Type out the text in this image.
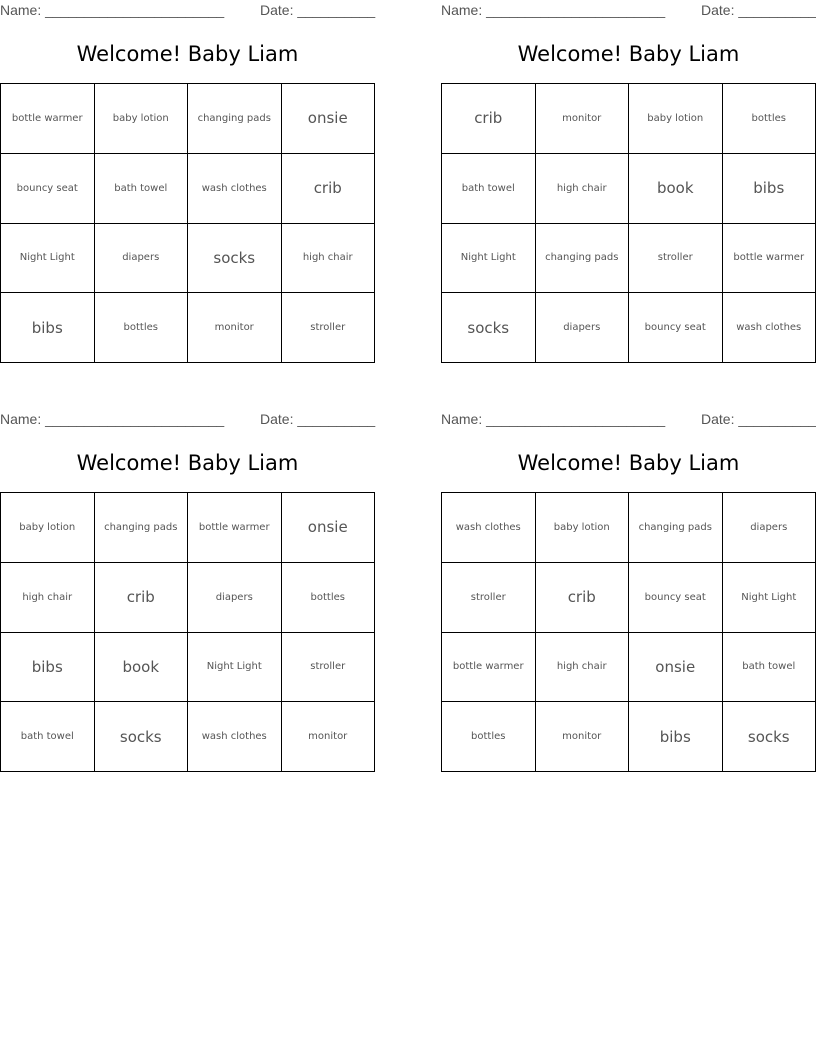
Name: _______________________	Date: __________
Welcome! Baby Liam
bottle warmer	baby lotion	changing pads	onsie
bouncy seat	bath towel	wash clothes	crib
Night Light	diapers	socks	high chair
bibs	bottles	monitor	stroller
Name: _______________________	Date: __________
Welcome! Baby Liam
crib	monitor	baby lotion	bottles
bath towel	high chair	book	bibs
Night Light	changing pads	stroller	bottle warmer
socks	diapers	bouncy seat	wash clothes
Name: _______________________	Date: __________
Welcome! Baby Liam
baby lotion	changing pads	bottle warmer	onsie
high chair	crib	diapers	bottles
bibs	book	Night Light	stroller
bath towel	socks	wash clothes	monitor
Name: _______________________	Date: __________
Welcome! Baby Liam
wash clothes	baby lotion	changing pads	diapers
stroller	crib	bouncy seat	Night Light
bottle warmer	high chair	onsie	bath towel
bottles	monitor	bibs	socks
